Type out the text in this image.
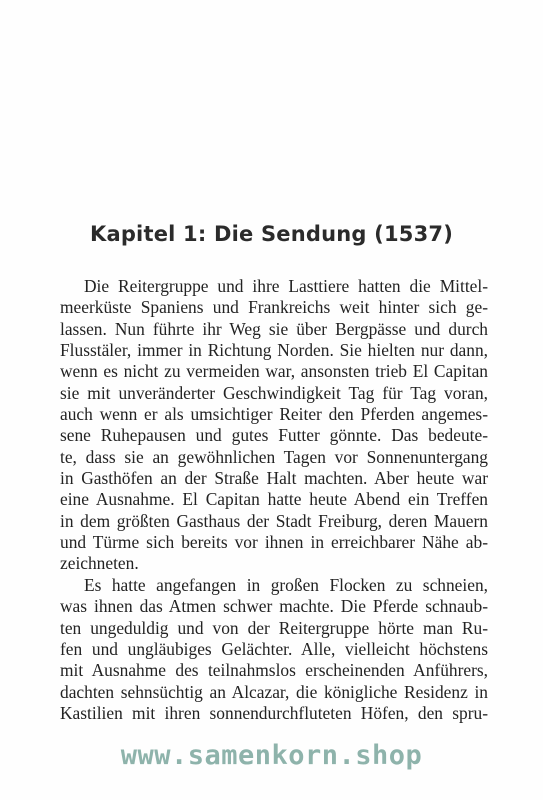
Kapitel 1: Die Sendung (1537)
Die Reitergruppe und ihre Lasttiere hatten die Mittel-
meerküste Spaniens und Frankreichs weit hinter sich ge-
lassen. Nun führte ihr Weg sie über Bergpässe und durch
Flusstäler, immer in Richtung Norden. Sie hielten nur dann,
wenn es nicht zu vermeiden war, ansonsten trieb El Capitan
sie mit unveränderter Geschwindigkeit Tag für Tag voran,
auch wenn er als umsichtiger Reiter den Pferden angemes-
sene Ruhepausen und gutes Futter gönnte. Das bedeute-
te, dass sie an gewöhnlichen Tagen vor Sonnenuntergang
in Gasthöfen an der Straße Halt machten. Aber heute war
eine Ausnahme. El Capitan hatte heute Abend ein Treffen
in dem größten Gasthaus der Stadt Freiburg, deren Mauern
und Türme sich bereits vor ihnen in erreichbarer Nähe ab-
zeichneten.
Es hatte angefangen in großen Flocken zu schneien,
was ihnen das Atmen schwer machte. Die Pferde schnaub-
ten ungeduldig und von der Reitergruppe hörte man Ru-
fen und ungläubiges Gelächter. Alle, vielleicht höchstens
mit Ausnahme des teilnahmslos erscheinenden Anführers,
dachten sehnsüchtig an Alcazar, die königliche Residenz in
Kastilien mit ihren sonnendurchfluteten Höfen, den spru-
www.samenkorn.shop
